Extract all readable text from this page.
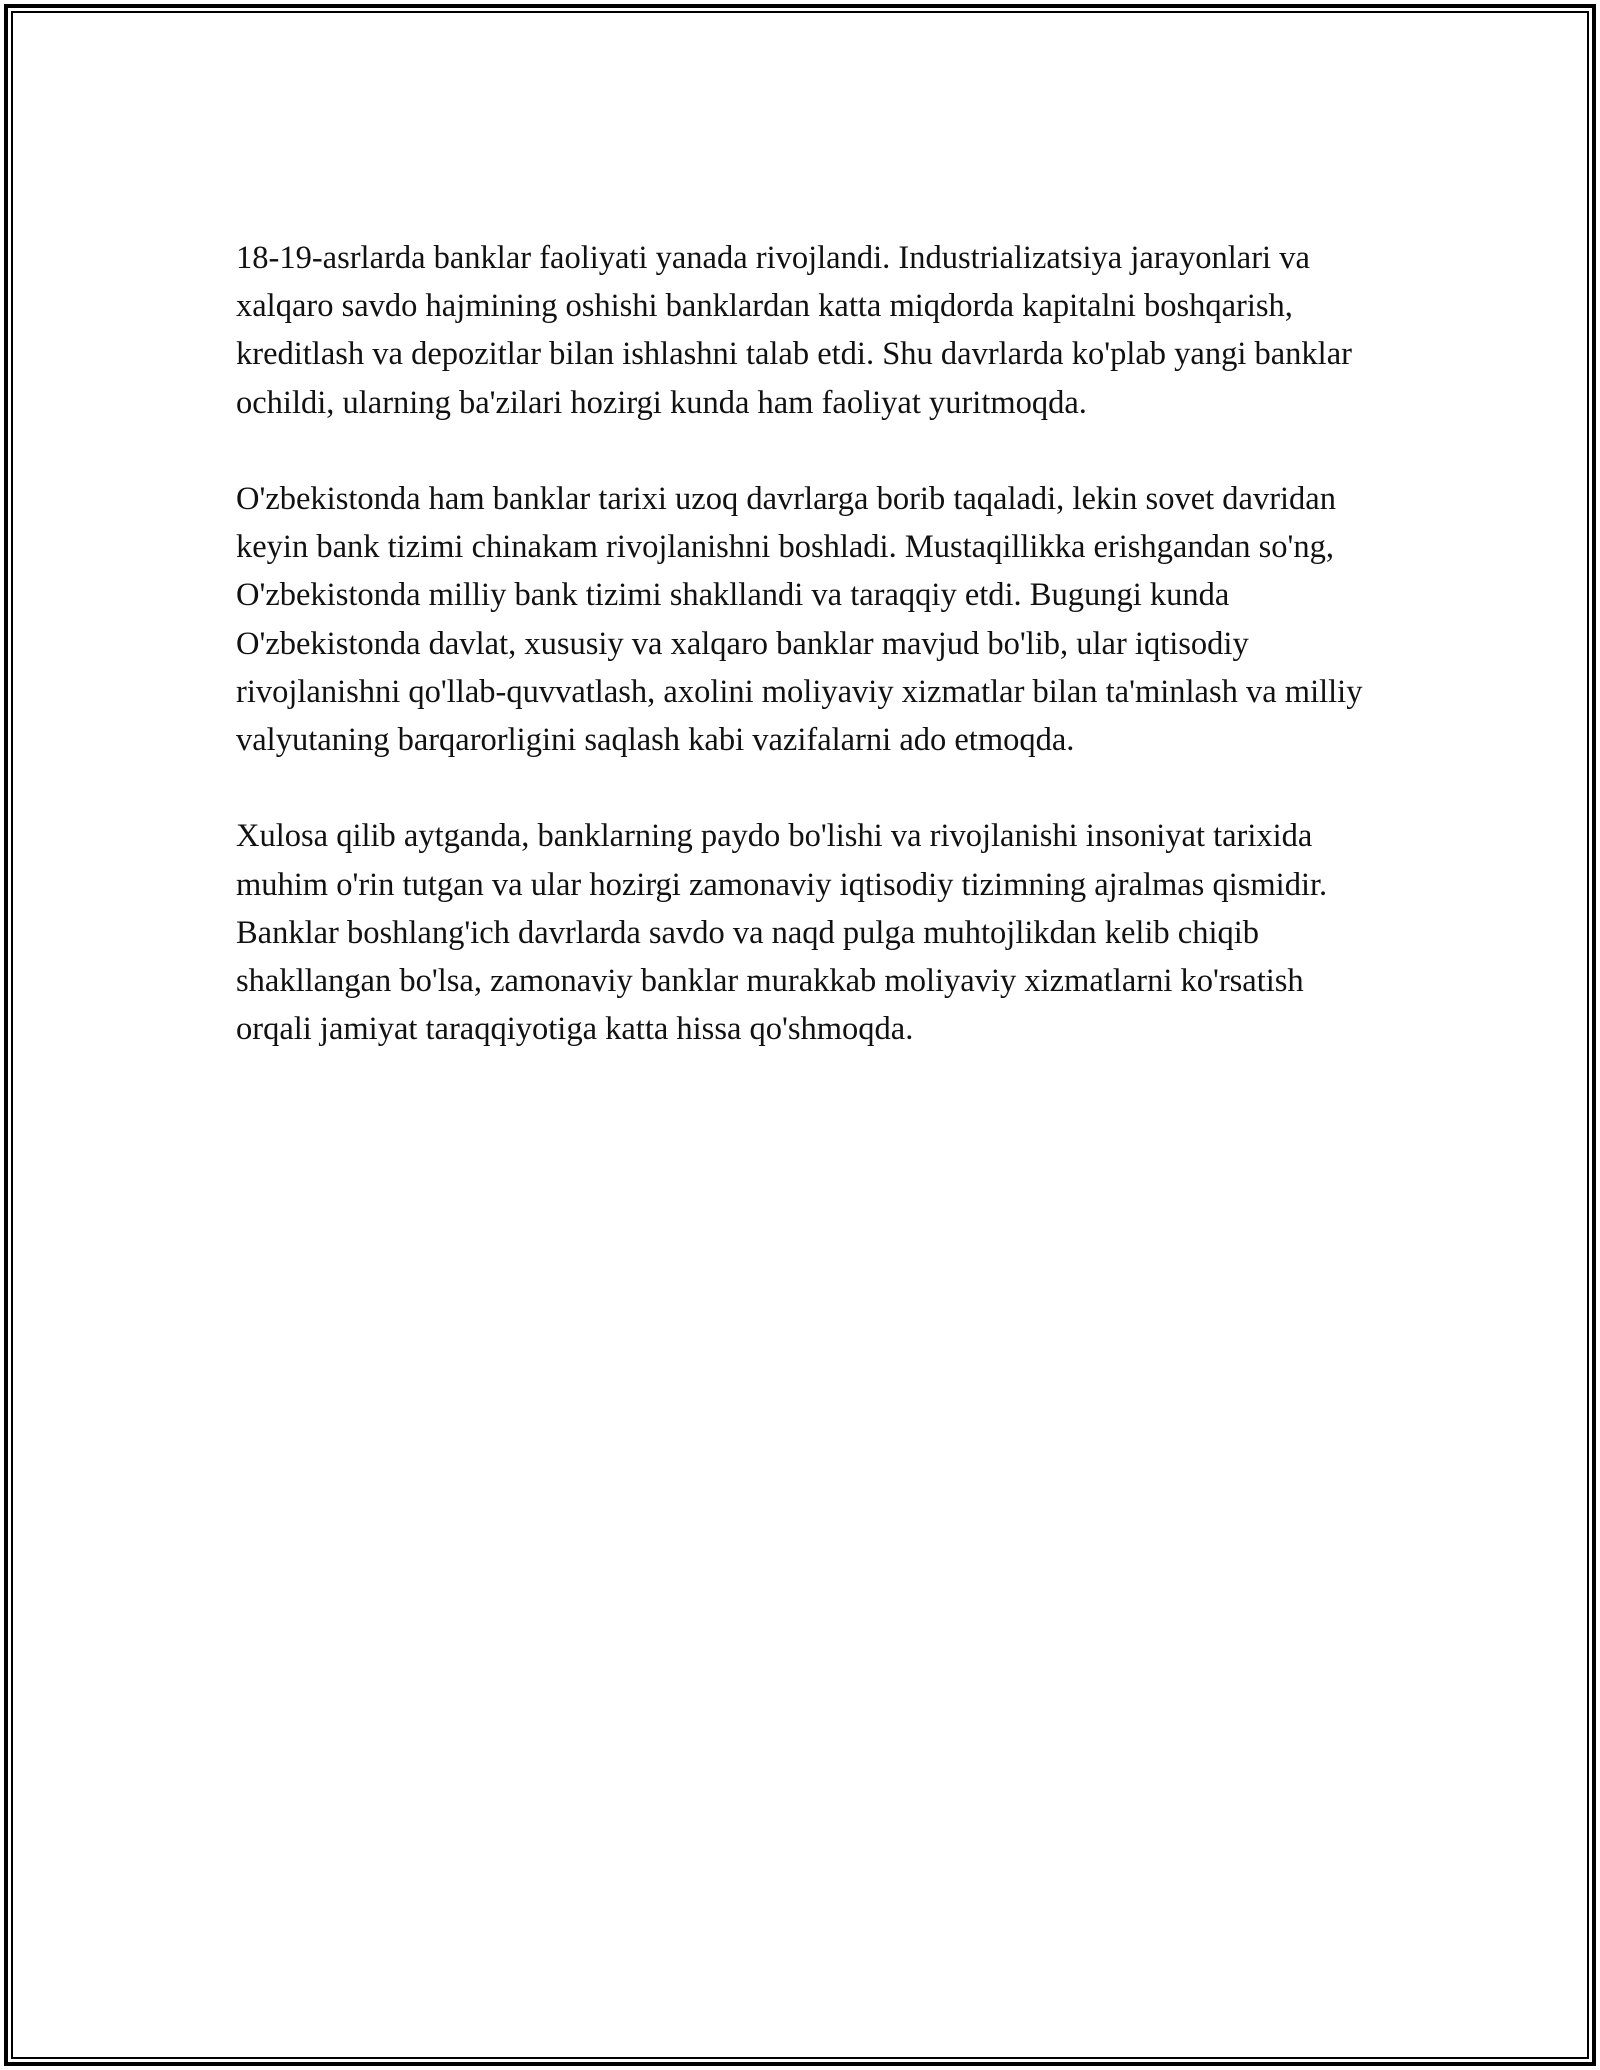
18-19-asrlarda banklar faoliyati yanada rivojlandi. Industrializatsiya jarayonlari va xalqaro savdo hajmining oshishi banklardan katta miqdorda kapitalni boshqarish, kreditlash va depozitlar bilan ishlashni talab etdi. Shu davrlarda ko'plab yangi banklar ochildi, ularning ba'zilari hozirgi kunda ham faoliyat yuritmoqda.

O'zbekistonda ham banklar tarixi uzoq davrlarga borib taqaladi, lekin sovet davridan keyin bank tizimi chinakam rivojlanishni boshladi. Mustaqillikka erishgandan so'ng, O'zbekistonda milliy bank tizimi shakllandi va taraqqiy etdi. Bugungi kunda O'zbekistonda davlat, xususiy va xalqaro banklar mavjud bo'lib, ular iqtisodiy rivojlanishni qo'llab-quvvatlash, axolini moliyaviy xizmatlar bilan ta'minlash va milliy valyutaning barqarorligini saqlash kabi vazifalarni ado etmoqda.

Xulosa qilib aytganda, banklarning paydo bo'lishi va rivojlanishi insoniyat tarixida muhim o'rin tutgan va ular hozirgi zamonaviy iqtisodiy tizimning ajralmas qismidir. Banklar boshlang'ich davrlarda savdo va naqd pulga muhtojlikdan kelib chiqib shakllangan bo'lsa, zamonaviy banklar murakkab moliyaviy xizmatlarni ko'rsatish orqali jamiyat taraqqiyotiga katta hissa qo'shmoqda.
